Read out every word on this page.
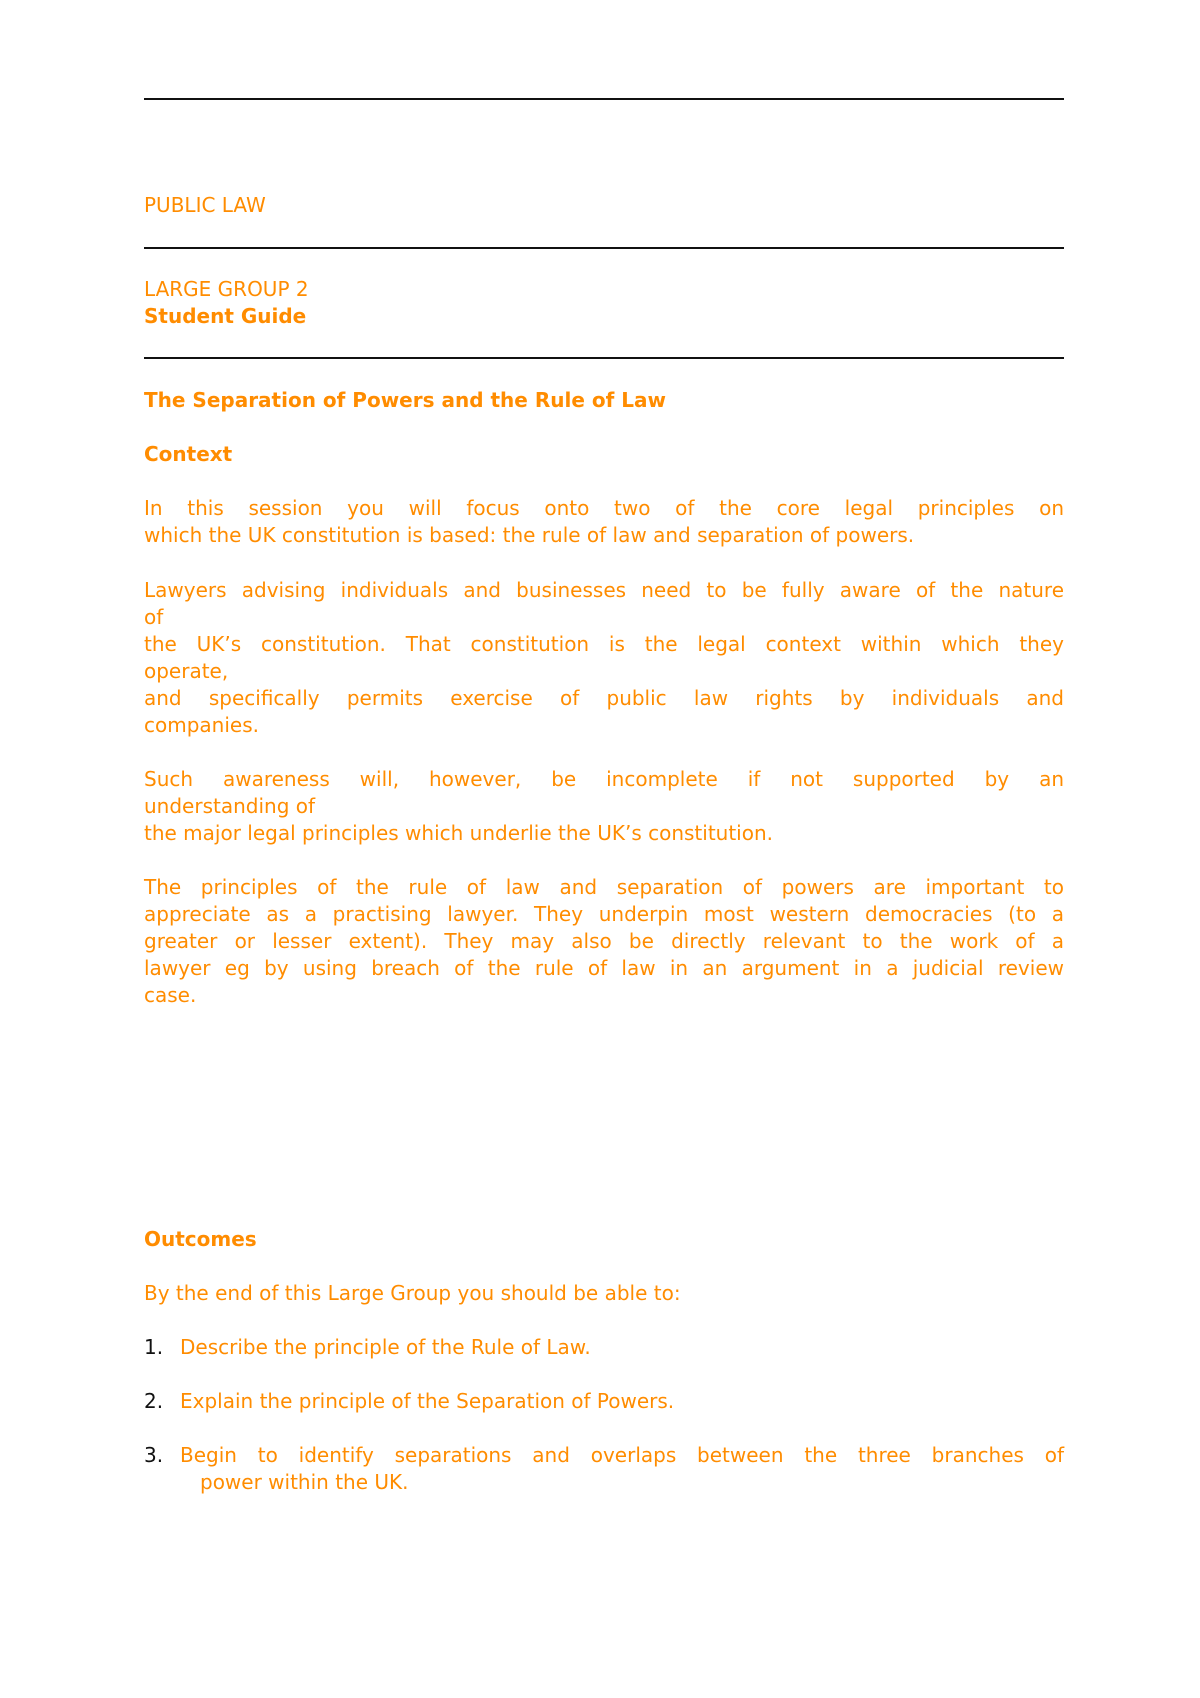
PUBLIC LAW
LARGE GROUP 2
Student Guide
The Separation of Powers and the Rule of Law
Context
In this session you will focus onto two of the core legal principles on
which the UK constitution is based: the rule of law and separation of powers.
Lawyers advising individuals and businesses need to be fully aware of the nature
of
the UK’s constitution. That constitution is the legal context within which they
operate,
and specifically permits exercise of public law rights by individuals and
companies.
Such awareness will, however, be incomplete if not supported by an
understanding of
the major legal principles which underlie the UK’s constitution.
The principles of the rule of law and separation of powers are important to
appreciate as a practising lawyer. They underpin most western democracies (to a
greater or lesser extent). They may also be directly relevant to the work of a
lawyer eg by using breach of the rule of law in an argument in a judicial review
case.
Outcomes
By the end of this Large Group you should be able to:
1. Describe the principle of the Rule of Law.
2. Explain the principle of the Separation of Powers.
3. Begin to identify separations and overlaps between the three branches of
power within the UK.
